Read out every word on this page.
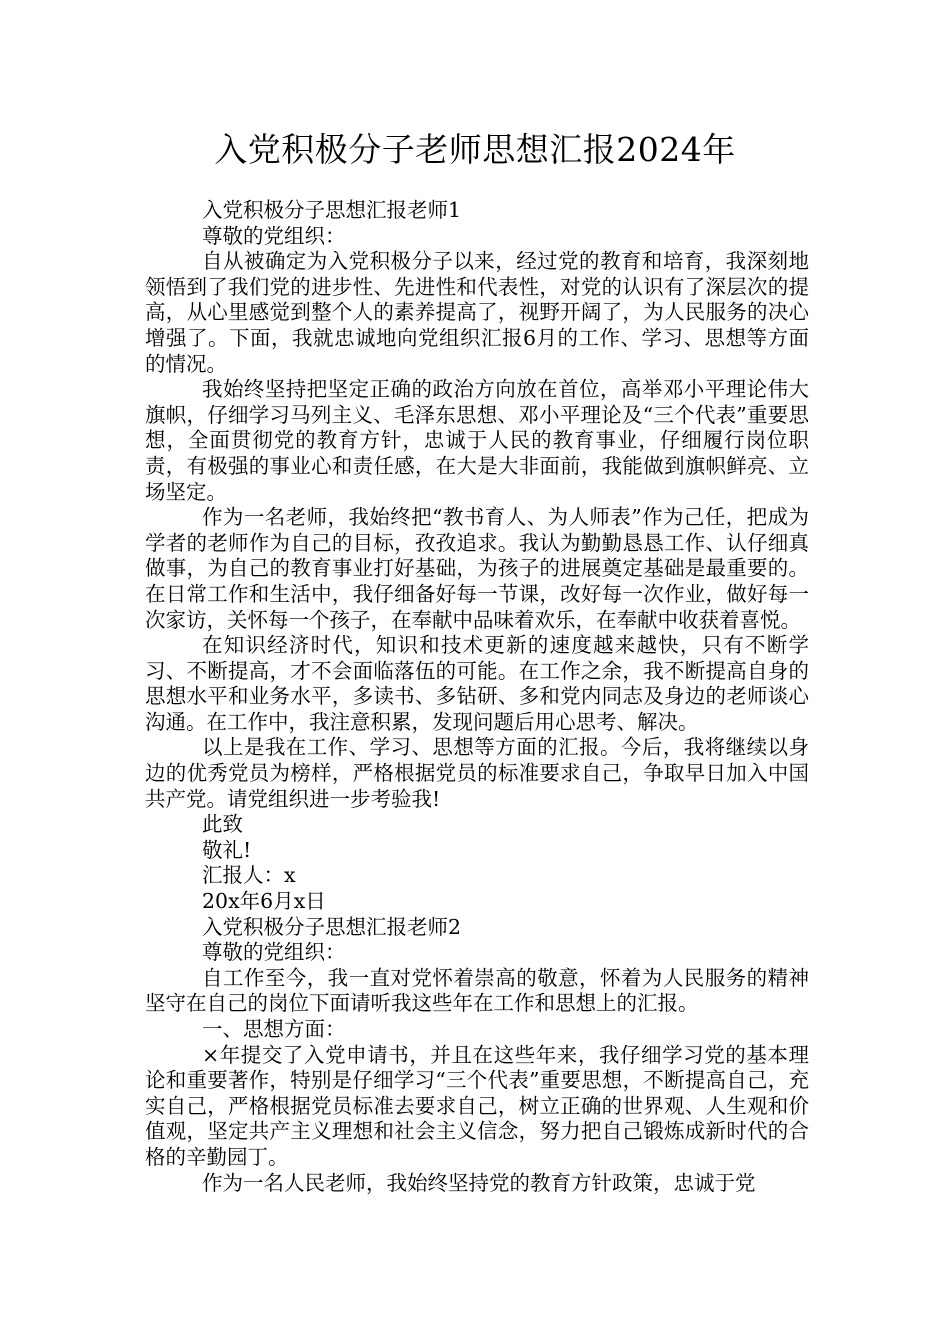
入党积极分子老师思想汇报2024年

入党积极分子思想汇报老师1

尊敬的党组织：

自从被确定为入党积极分子以来，经过党的教育和培育，我深刻地领悟到了我们党的进步性、先进性和代表性，对党的认识有了深层次的提高，从心里感觉到整个人的素养提高了，视野开阔了，为人民服务的决心增强了。下面，我就忠诚地向党组织汇报6月的工作、学习、思想等方面的情况。

我始终坚持把坚定正确的政治方向放在首位，高举邓小平理论伟大旗帜，仔细学习马列主义、毛泽东思想、邓小平理论及“三个代表”重要思想，全面贯彻党的教育方针，忠诚于人民的教育事业，仔细履行岗位职责，有极强的事业心和责任感，在大是大非面前，我能做到旗帜鲜亮、立场坚定。

作为一名老师，我始终把“教书育人、为人师表”作为己任，把成为学者的老师作为自己的目标，孜孜追求。我认为勤勤恳恳工作、认仔细真做事，为自己的教育事业打好基础，为孩子的进展奠定基础是最重要的。在日常工作和生活中，我仔细备好每一节课，改好每一次作业，做好每一次家访，关怀每一个孩子，在奉献中品味着欢乐，在奉献中收获着喜悦。

在知识经济时代，知识和技术更新的速度越来越快，只有不断学习、不断提高，才不会面临落伍的可能。在工作之余，我不断提高自身的思想水平和业务水平，多读书、多钻研、多和党内同志及身边的老师谈心沟通。在工作中，我注意积累，发现问题后用心思考、解决。

以上是我在工作、学习、思想等方面的汇报。今后，我将继续以身边的优秀党员为榜样，严格根据党员的标准要求自己，争取早日加入中国共产党。请党组织进一步考验我!

此致

敬礼!

汇报人：x

20x年6月x日

入党积极分子思想汇报老师2

尊敬的党组织：

自工作至今，我一直对党怀着崇高的敬意，怀着为人民服务的精神坚守在自己的岗位下面请听我这些年在工作和思想上的汇报。

一、思想方面：

×年提交了入党申请书，并且在这些年来，我仔细学习党的基本理论和重要著作，特别是仔细学习“三个代表”重要思想，不断提高自己，充实自己，严格根据党员标准去要求自己，树立正确的世界观、人生观和价值观，坚定共产主义理想和社会主义信念，努力把自己锻炼成新时代的合格的辛勤园丁。

作为一名人民老师，我始终坚持党的教育方针政策，忠诚于党
